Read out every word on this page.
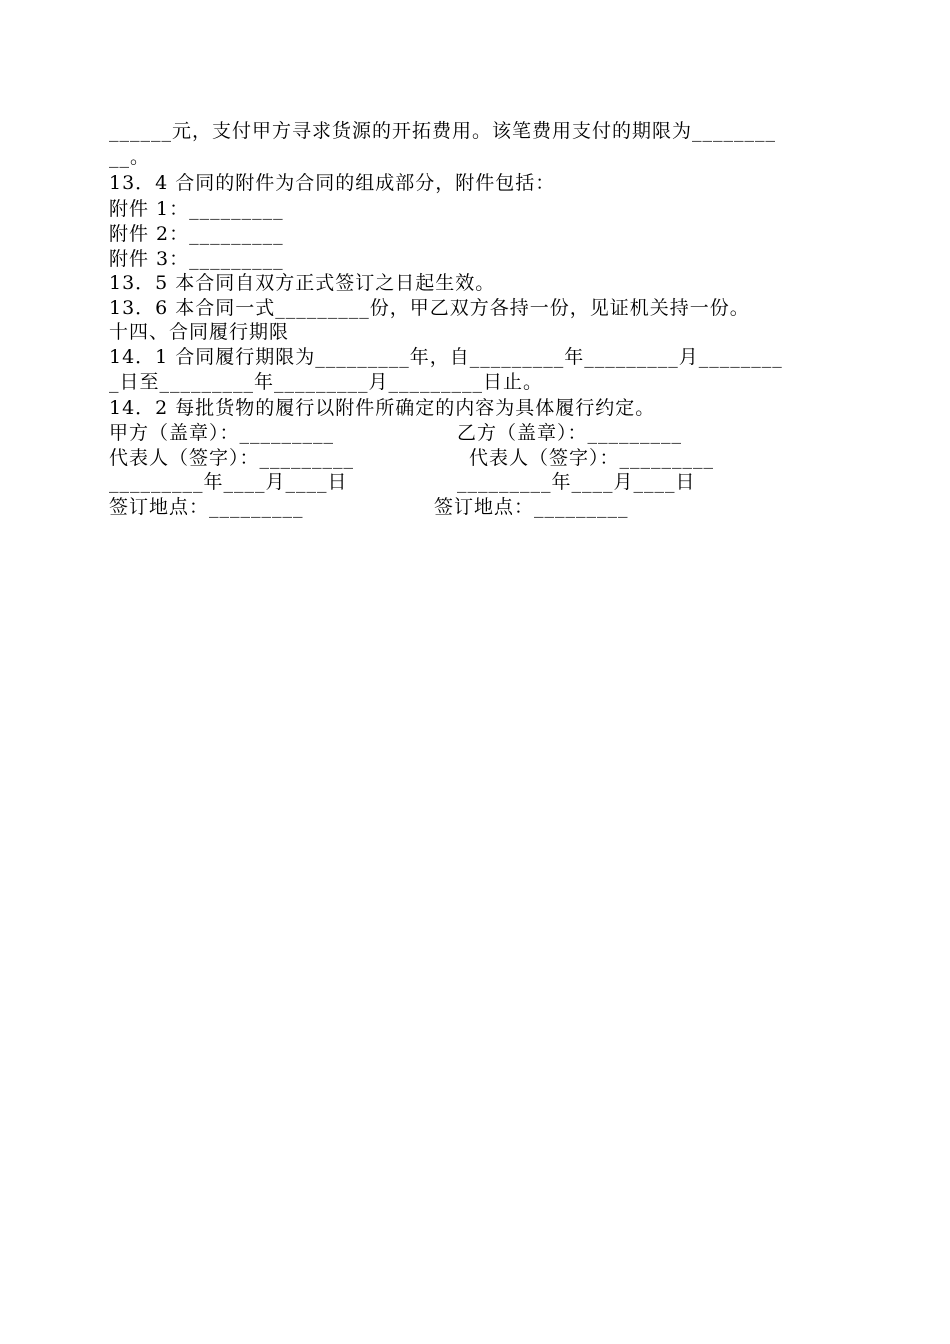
______元，支付甲方寻求货源的开拓费用。该笔费用支付的期限为________
__。
13．4 合同的附件为合同的组成部分，附件包括：
附件 1：_________
附件 2：_________
附件 3：_________
13．5 本合同自双方正式签订之日起生效。
13．6 本合同一式_________份，甲乙双方各持一份，见证机关持一份。
十四、合同履行期限
14．1 合同履行期限为_________年，自_________年_________月________
_日至_________年_________月_________日止。
14．2 每批货物的履行以附件所确定的内容为具体履行约定。
甲方（盖章）：_________	乙方（盖章）：_________
代表人（签字）：_________	代表人（签字）：_________
_________年____月____日	_________年____月____日
签订地点：_________	签订地点：_________
